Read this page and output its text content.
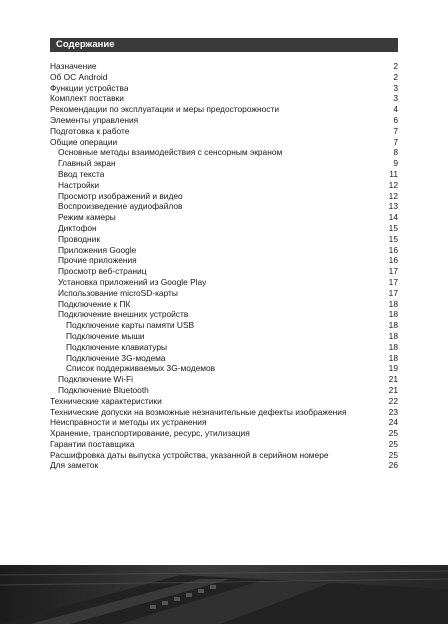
Содержание
Назначение	2
Об ОС Android	2
Функции устройства	3
Комплект поставки	3
Рекомендации по эксплуатации и меры предосторожности	4
Элементы управления	6
Подготовка к работе	7
Общие операции	7
Основные методы взаимодействия с сенсорным экраном	8
Главный экран	9
Ввод текста	11
Настройки	12
Просмотр изображений и видео	12
Воспроизведение аудиофайлов	13
Режим камеры	14
Диктофон	15
Проводник	15
Приложения Google	16
Прочие приложения	16
Просмотр веб-страниц	17
Установка приложений из Google Play	17
Использование microSD-карты	17
Подключение к ПК	18
Подключение внешних устройств	18
Подключение карты памяти USB	18
Подключение мыши	18
Подключение клавиатуры	18
Подключение 3G-модема	18
Список поддерживаемых 3G-модемов	19
Подключение Wi-Fi	21
Подключение Bluetooth	21
Технические характеристики	22
Технические допуски на возможные незначительные дефекты изображения	23
Неисправности и методы их устранения	24
Хранение, транспортирование, ресурс, утилизация	25
Гарантии поставщика	25
Расшифровка даты выпуска устройства, указанной в серийном номере	25
Для заметок	26
